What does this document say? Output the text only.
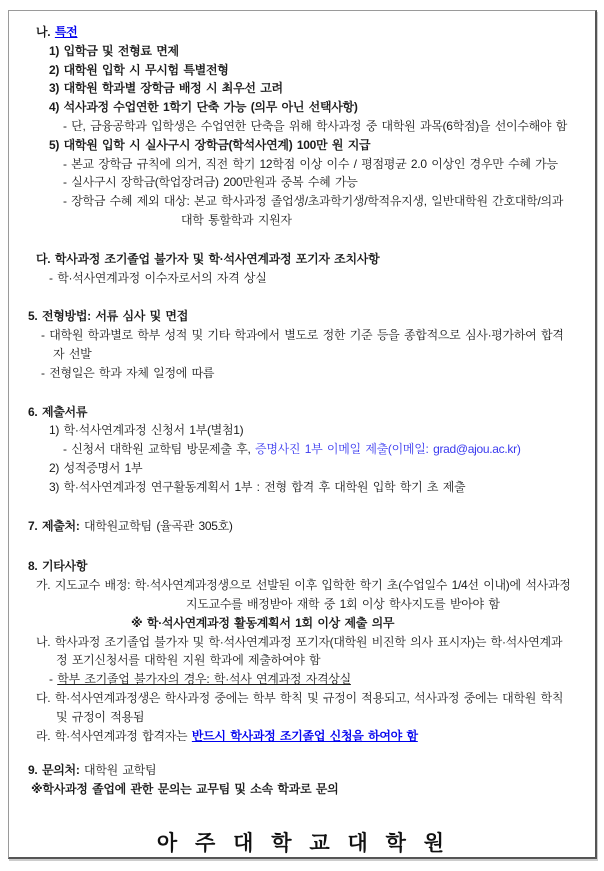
나. 특전

1) 입학금 및 전형료 면제

2) 대학원 입학 시 무시험 특별전형

3) 대학원 학과별 장학금 배정 시 최우선 고려

4) 석사과정 수업연한 1학기 단축 가능 (의무 아닌 선택사항)

- 단, 금융공학과 입학생은 수업연한 단축을 위해 학사과정 중 대학원 과목(6학점)을 선이수해야 함

5) 대학원 입학 시 실사구시 장학금(학석사연계) 100만 원 지급

- 본교 장학금 규칙에 의거, 직전 학기 12학점 이상 이수 / 평점평균 2.0 이상인 경우만 수혜 가능

- 실사구시 장학금(학업장려금) 200만원과 중복 수혜 가능

- 장학금 수혜 제외 대상: 본교 학사과정 졸업생/초과학기생/학적유지생, 일반대학원 간호대학/의과

대학 통할학과 지원자

다. 학사과정 조기졸업 불가자 및 학·석사연계과정 포기자 조치사항

- 학·석사연계과정 이수자로서의 자격 상실

5. 전형방법: 서류 심사 및 면접

- 대학원 학과별로 학부 성적 및 기타 학과에서 별도로 정한 기준 등을 종합적으로 심사·평가하여 합격

자 선발

- 전형일은 학과 자체 일정에 따름

6. 제출서류

1) 학·석사연계과정 신청서 1부(별첨1)

- 신청서 대학원 교학팀 방문제출 후, 증명사진 1부 이메일 제출(이메일: grad@ajou.ac.kr)

2) 성적증명서 1부

3) 학·석사연계과정 연구활동계획서 1부 : 전형 합격 후 대학원 입학 학기 초 제출

7. 제출처: 대학원교학팀 (율곡관 305호)

8. 기타사항

가. 지도교수 배정: 학·석사연계과정생으로 선발된 이후 입학한 학기 초(수업일수 1/4선 이내)에 석사과정

지도교수를 배정받아 재학 중 1회 이상 학사지도를 받아야 함

※ 학·석사연계과정 활동계획서 1회 이상 제출 의무

나. 학사과정 조기졸업 불가자 및 학·석사연계과정 포기자(대학원 비진학 의사 표시자)는 학·석사연계과

정 포기신청서를 대학원 지원 학과에 제출하여야 함

- 학부 조기졸업 불가자의 경우: 학·석사 연계과정 자격상실

다. 학·석사연계과정생은 학사과정 중에는 학부 학칙 및 규정이 적용되고, 석사과정 중에는 대학원 학칙

및 규정이 적용됨

라. 학·석사연계과정 합격자는 반드시 학사과정 조기졸업 신청을 하여야 함

9. 문의처: 대학원 교학팀

※학사과정 졸업에 관한 문의는 교무팀 및 소속 학과로 문의

아 주 대 학 교 대 학 원
